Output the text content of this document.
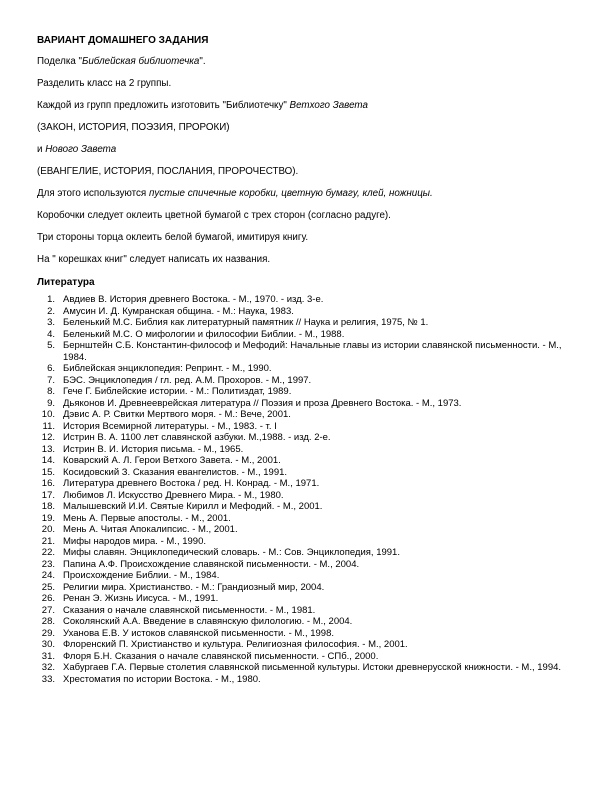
ВАРИАНТ ДОМАШНЕГО ЗАДАНИЯ

Поделка "Библейская библиотечка".

Разделить класс на 2 группы.

Каждой из групп предложить изготовить "Библиотечку" Ветхого Завета

(ЗАКОН, ИСТОРИЯ, ПОЭЗИЯ, ПРОРОКИ)

и Нового Завета

(ЕВАНГЕЛИЕ, ИСТОРИЯ, ПОСЛАНИЯ, ПРОРОЧЕСТВО).

Для этого используются пустые спичечные коробки, цветную бумагу, клей, ножницы.

Коробочки следует оклеить цветной бумагой с трех сторон (согласно радуге).

Три стороны торца оклеить белой бумагой, имитируя книгу.

На " корешках книг" следует написать их названия.

Литература

1. Авдиев В. История древнего Востока. - М., 1970. - изд. 3-е.
2. Амусин И. Д. Кумранская община. - М.: Наука, 1983.
3. Беленький М.С. Библия как литературный памятник // Наука и религия, 1975, № 1.
4. Беленький М.С. О мифологии и философии Библии. - М., 1988.
5. Бернштейн С.Б. Константин-философ и Мефодий: Начальные главы из истории славянской письменности. - М., 1984.
6. Библейская энциклопедия: Репринт. - М., 1990.
7. БЭС. Энциклопедия / гл. ред. А.М. Прохоров. - М., 1997.
8. Гече Г. Библейские истории. - М.: Политиздат, 1989.
9. Дьяконов И. Древнееврейская литература // Поэзия и проза Древнего Востока. - М., 1973.
10. Дэвис А. Р. Свитки Мертвого моря. - М.: Вече, 2001.
11. История Всемирной литературы. - М., 1983. - т. I
12. Истрин В. А. 1100 лет славянской азбуки. М.,1988. - изд. 2-е.
13. Истрин В. И. История письма. - М., 1965.
14. Коварский А. Л. Герои Ветхого Завета. - М., 2001.
15. Косидовский З. Сказания евангелистов. - М., 1991.
16. Литература древнего Востока / ред. Н. Конрад. - М., 1971.
17. Любимов Л. Искусство Древнего Мира. - М., 1980.
18. Малышевский И.И. Святые Кирилл и Мефодий. - М., 2001.
19. Мень А. Первые апостолы. - М., 2001.
20. Мень А. Читая Апокалипсис. - М., 2001.
21. Мифы народов мира. - М., 1990.
22. Мифы славян. Энциклопедический словарь. - М.: Сов. Энциклопедия, 1991.
23. Папина А.Ф. Происхождение славянской письменности. - М., 2004.
24. Происхождение Библии. - М., 1984.
25. Религии мира. Христианство. - М.: Грандиозный мир, 2004.
26. Ренан Э. Жизнь Иисуса. - М., 1991.
27. Сказания о начале славянской письменности. - М., 1981.
28. Соколянский А.А. Введение в славянскую филологию. - М., 2004.
29. Уханова Е.В. У истоков славянской письменности. - М., 1998.
30. Флоренский П. Христианство и культура. Религиозная философия. - М., 2001.
31. Флоря Б.Н. Сказания о начале славянской письменности. - СПб., 2000.
32. Хабургаев Г.А. Первые столетия славянской письменной культуры. Истоки древнерусской книжности. - М., 1994.
33. Хрестоматия по истории Востока. - М., 1980.
